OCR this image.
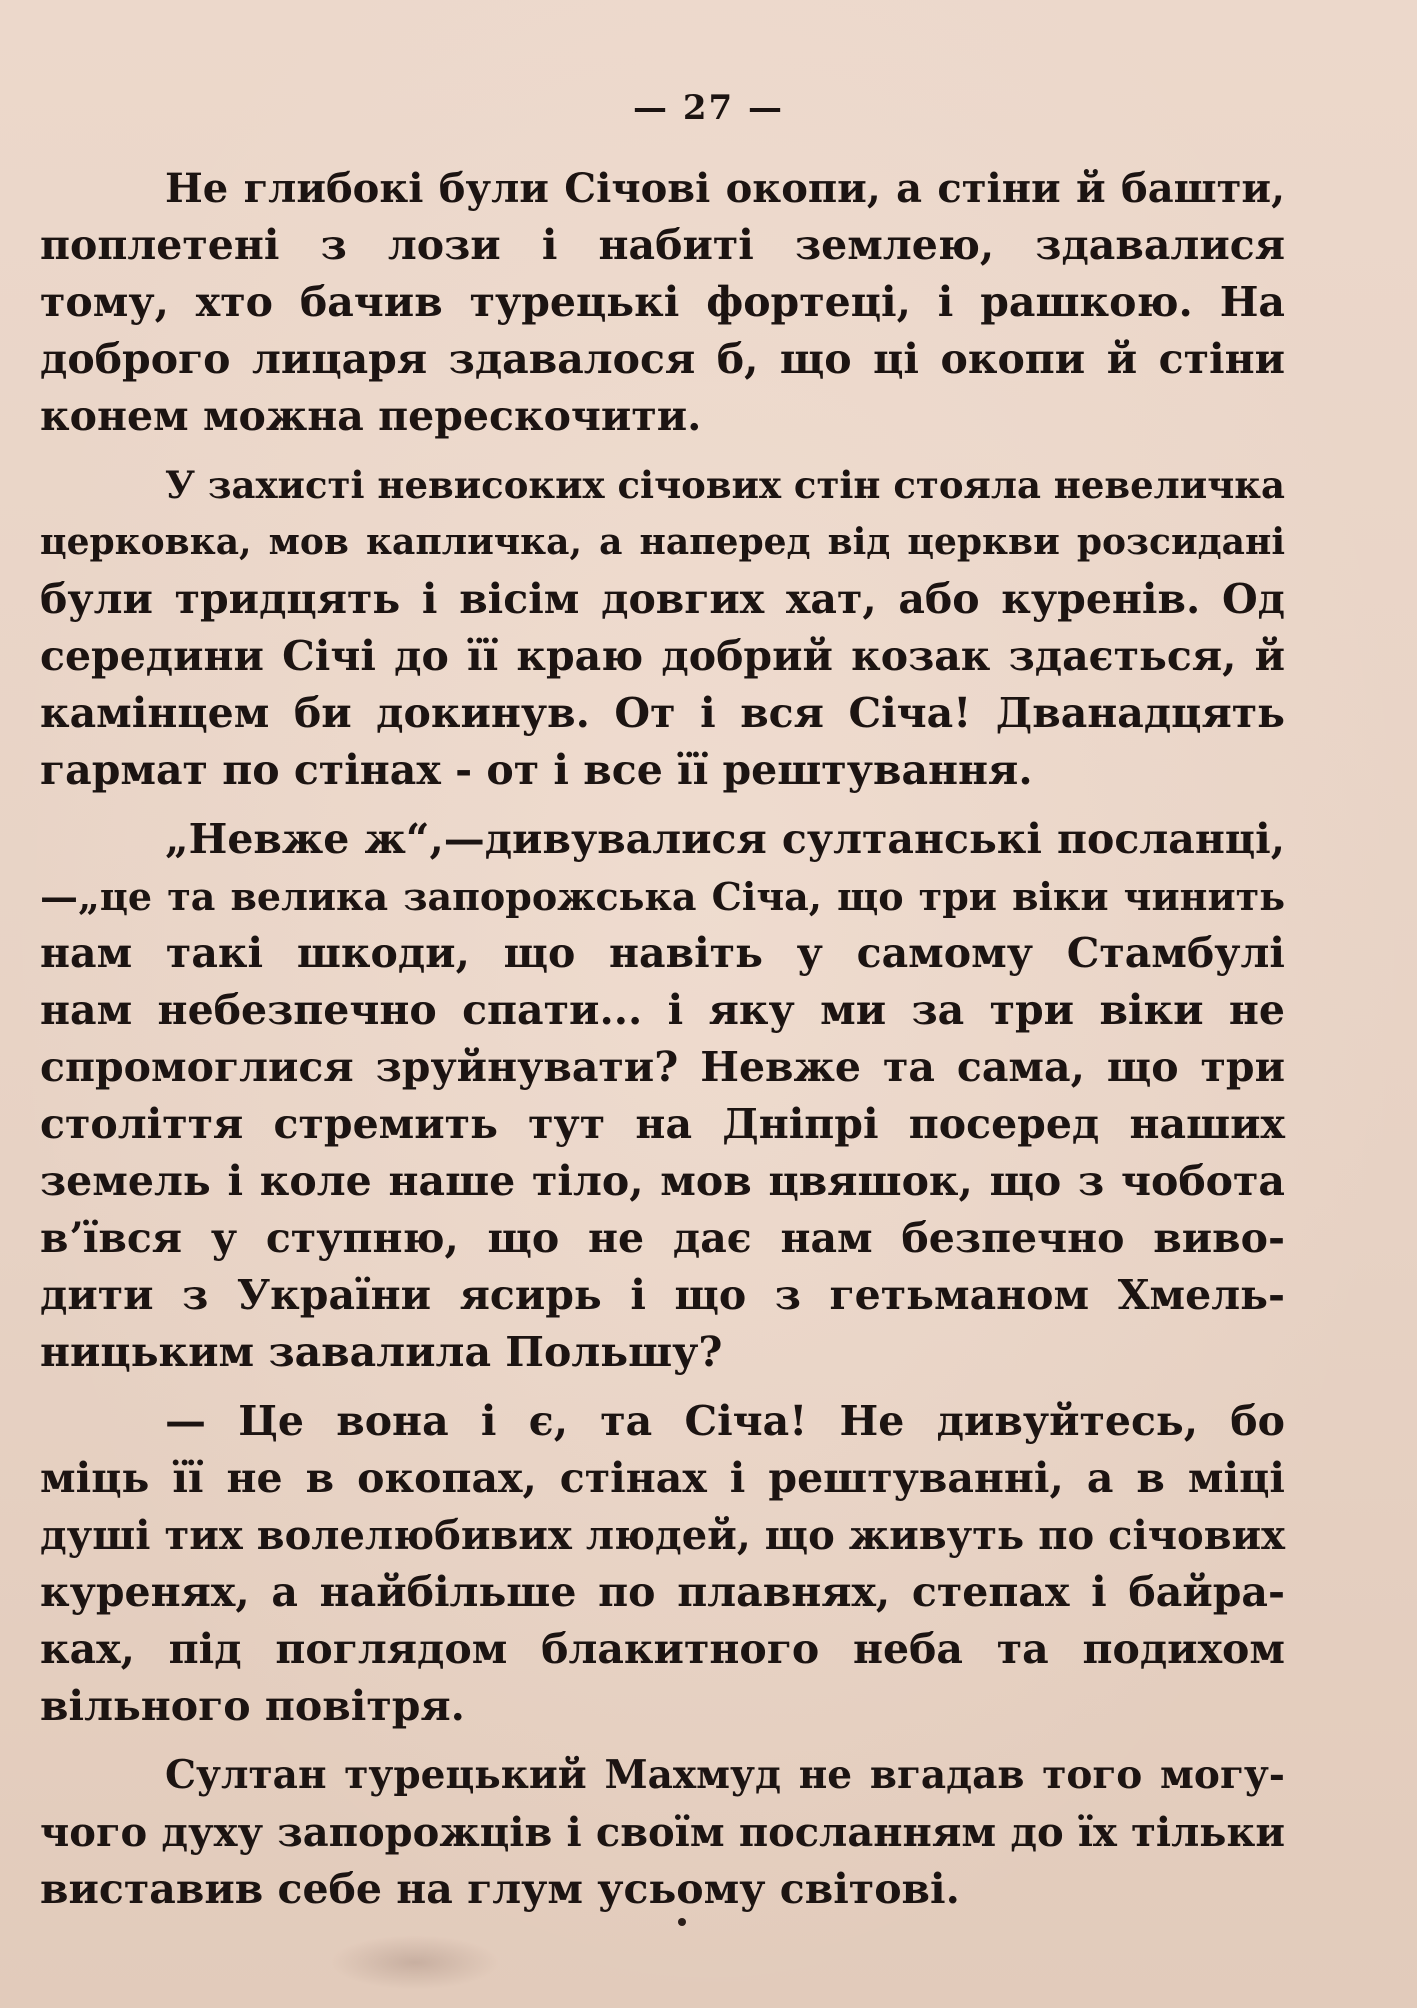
— 27 —
Не глибокі були Січові окопи, а стіни й башти,
поплетені з лози і набиті землею, здавалися
тому, хто бачив турецькі фортеці, і рашкою. На
доброго лицаря здавалося б, що ці окопи й стіни
конем можна перескочити.
У захисті невисоких січових стін стояла невеличка
церковка, мов капличка, а наперед від церкви розсидані
були тридцять і вісім довгих хат, або куренів. Од
середини Січі до її краю добрий козак здається, й
камінцем би докинув. От і вся Січа! Дванадцять
гармат по стінах - от і все її рештування.
„Невже ж“,—дивувалися султанські посланці,
—„це та велика запорожська Січа, що три віки чинить
нам такі шкоди, що навіть у самому Стамбулі
нам небезпечно спати... і яку ми за три віки не
спромоглися зруйнувати? Невже та сама, що три
століття стремить тут на Дніпрі посеред наших
земель і коле наше тіло, мов цвяшок, що з чобота
вʼївся у ступню, що не дає нам безпечно виво-
дити з України ясирь і що з гетьманом Хмель-
ницьким завалила Польшу?
— Це вона і є, та Січа! Не дивуйтесь, бо
міць її не в окопах, стінах і рештуванні, а в міці
душі тих волелюбивих людей, що живуть по січових
куренях, а найбільше по плавнях, степах і байра-
ках, під поглядом блакитного неба та подихом
вільного повітря.
Султан турецький Махмуд не вгадав того могу-
чого духу запорожців і своїм посланням до їх тільки
виставив себе на глум усьому світові.
